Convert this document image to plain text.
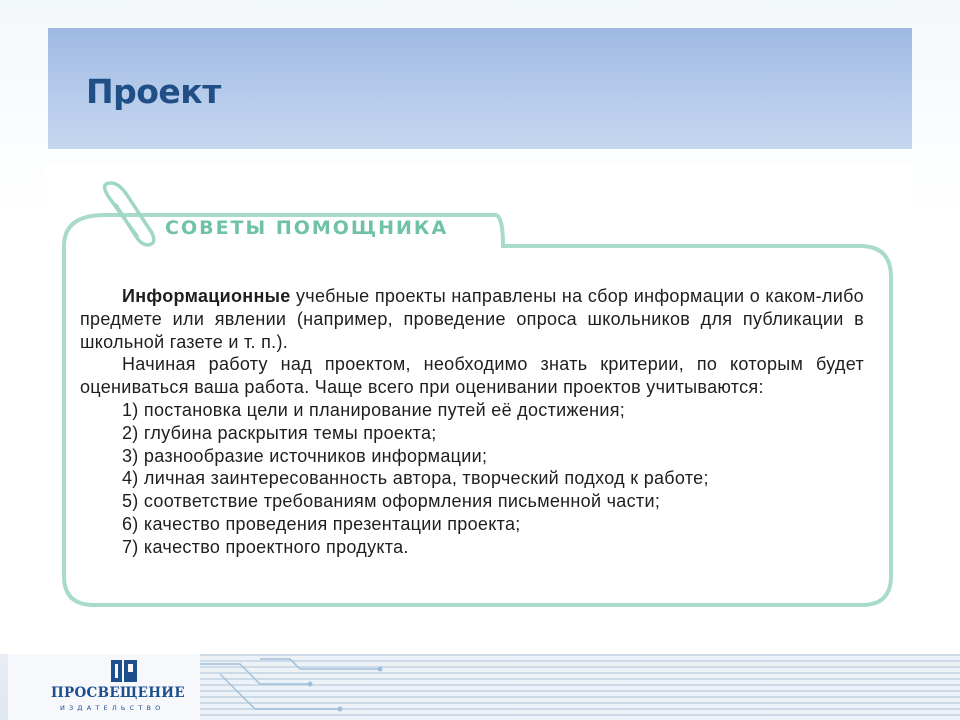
Проект
СОВЕТЫ ПОМОЩНИКА

Информационные учебные проекты направлены на сбор информации о каком-либо предмете или явлении (например, проведение опроса школьников для публикации в школьной газете и т. п.).

Начиная работу над проектом, необходимо знать критерии, по которым будет оцениваться ваша работа. Чаще всего при оценивании проектов учитываются:

1) постановка цели и планирование путей её достижения;
2) глубина раскрытия темы проекта;
3) разнообразие источников информации;
4) личная заинтересованность автора, творческий подход к работе;
5) соответствие требованиям оформления письменной части;
6) качество проведения презентации проекта;
7) качество проектного продукта.
ПРОСВЕЩЕНИЕ
ИЗДАТЕЛЬСТВО
